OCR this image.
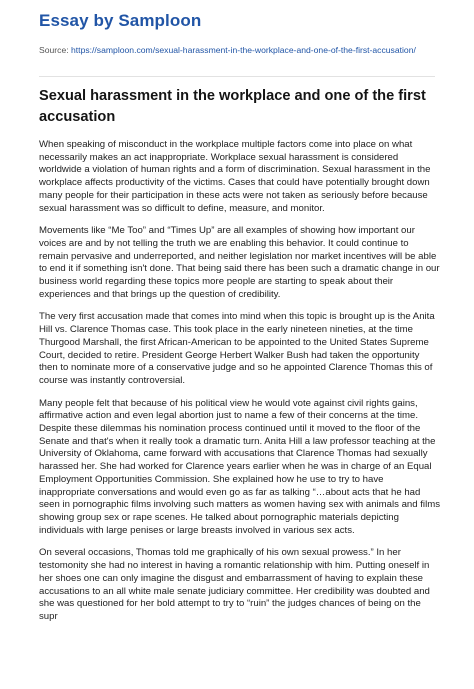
Essay by Samploon
Source: https://samploon.com/sexual-harassment-in-the-workplace-and-one-of-the-first-accusation/
Sexual harassment in the workplace and one of the first accusation

When speaking of misconduct in the workplace multiple factors come into place on what necessarily makes an act inappropriate. Workplace sexual harassment is considered worldwide a violation of human rights and a form of discrimination. Sexual harassment in the workplace affects productivity of the victims. Cases that could have potentially brought down many people for their participation in these acts were not taken as seriously before because sexual harassment was so difficult to define, measure, and monitor.

Movements like “Me Too” and “Times Up” are all examples of showing how important our voices are and by not telling the truth we are enabling this behavior. It could continue to remain pervasive and underreported, and neither legislation nor market incentives will be able to end it if something isn't done. That being said there has been such a dramatic change in our business world regarding these topics more people are starting to speak about their experiences and that brings up the question of credibility.

The very first accusation made that comes into mind when this topic is brought up is the Anita Hill vs. Clarence Thomas case. This took place in the early nineteen nineties, at the time Thurgood Marshall, the first African-American to be appointed to the United States Supreme Court, decided to retire. President George Herbert Walker Bush had taken the opportunity then to nominate more of a conservative judge and so he appointed Clarence Thomas this of course was instantly controversial.

Many people felt that because of his political view he would vote against civil rights gains, affirmative action and even legal abortion just to name a few of their concerns at the time. Despite these dilemmas his nomination process continued until it moved to the floor of the Senate and that's when it really took a dramatic turn. Anita Hill a law professor teaching at the University of Oklahoma, came forward with accusations that Clarence Thomas had sexually harassed her. She had worked for Clarence years earlier when he was in charge of an Equal Employment Opportunities Commission. She explained how he use to try to have inappropriate conversations and would even go as far as talking “…about acts that he had seen in pornographic films involving such matters as women having sex with animals and films showing group sex or rape scenes. He talked about pornographic materials depicting individuals with large penises or large breasts involved in various sex acts.

On several occasions, Thomas told me graphically of his own sexual prowess.” In her testomonity she had no interest in having a romantic relationship with him. Putting oneself in her shoes one can only imagine the disgust and embarrassment of having to explain these accusations to an all white male senate judiciary committee. Her credibility was doubted and she was questioned for her bold attempt to try to “ruin” the judges chances of being on the supr
